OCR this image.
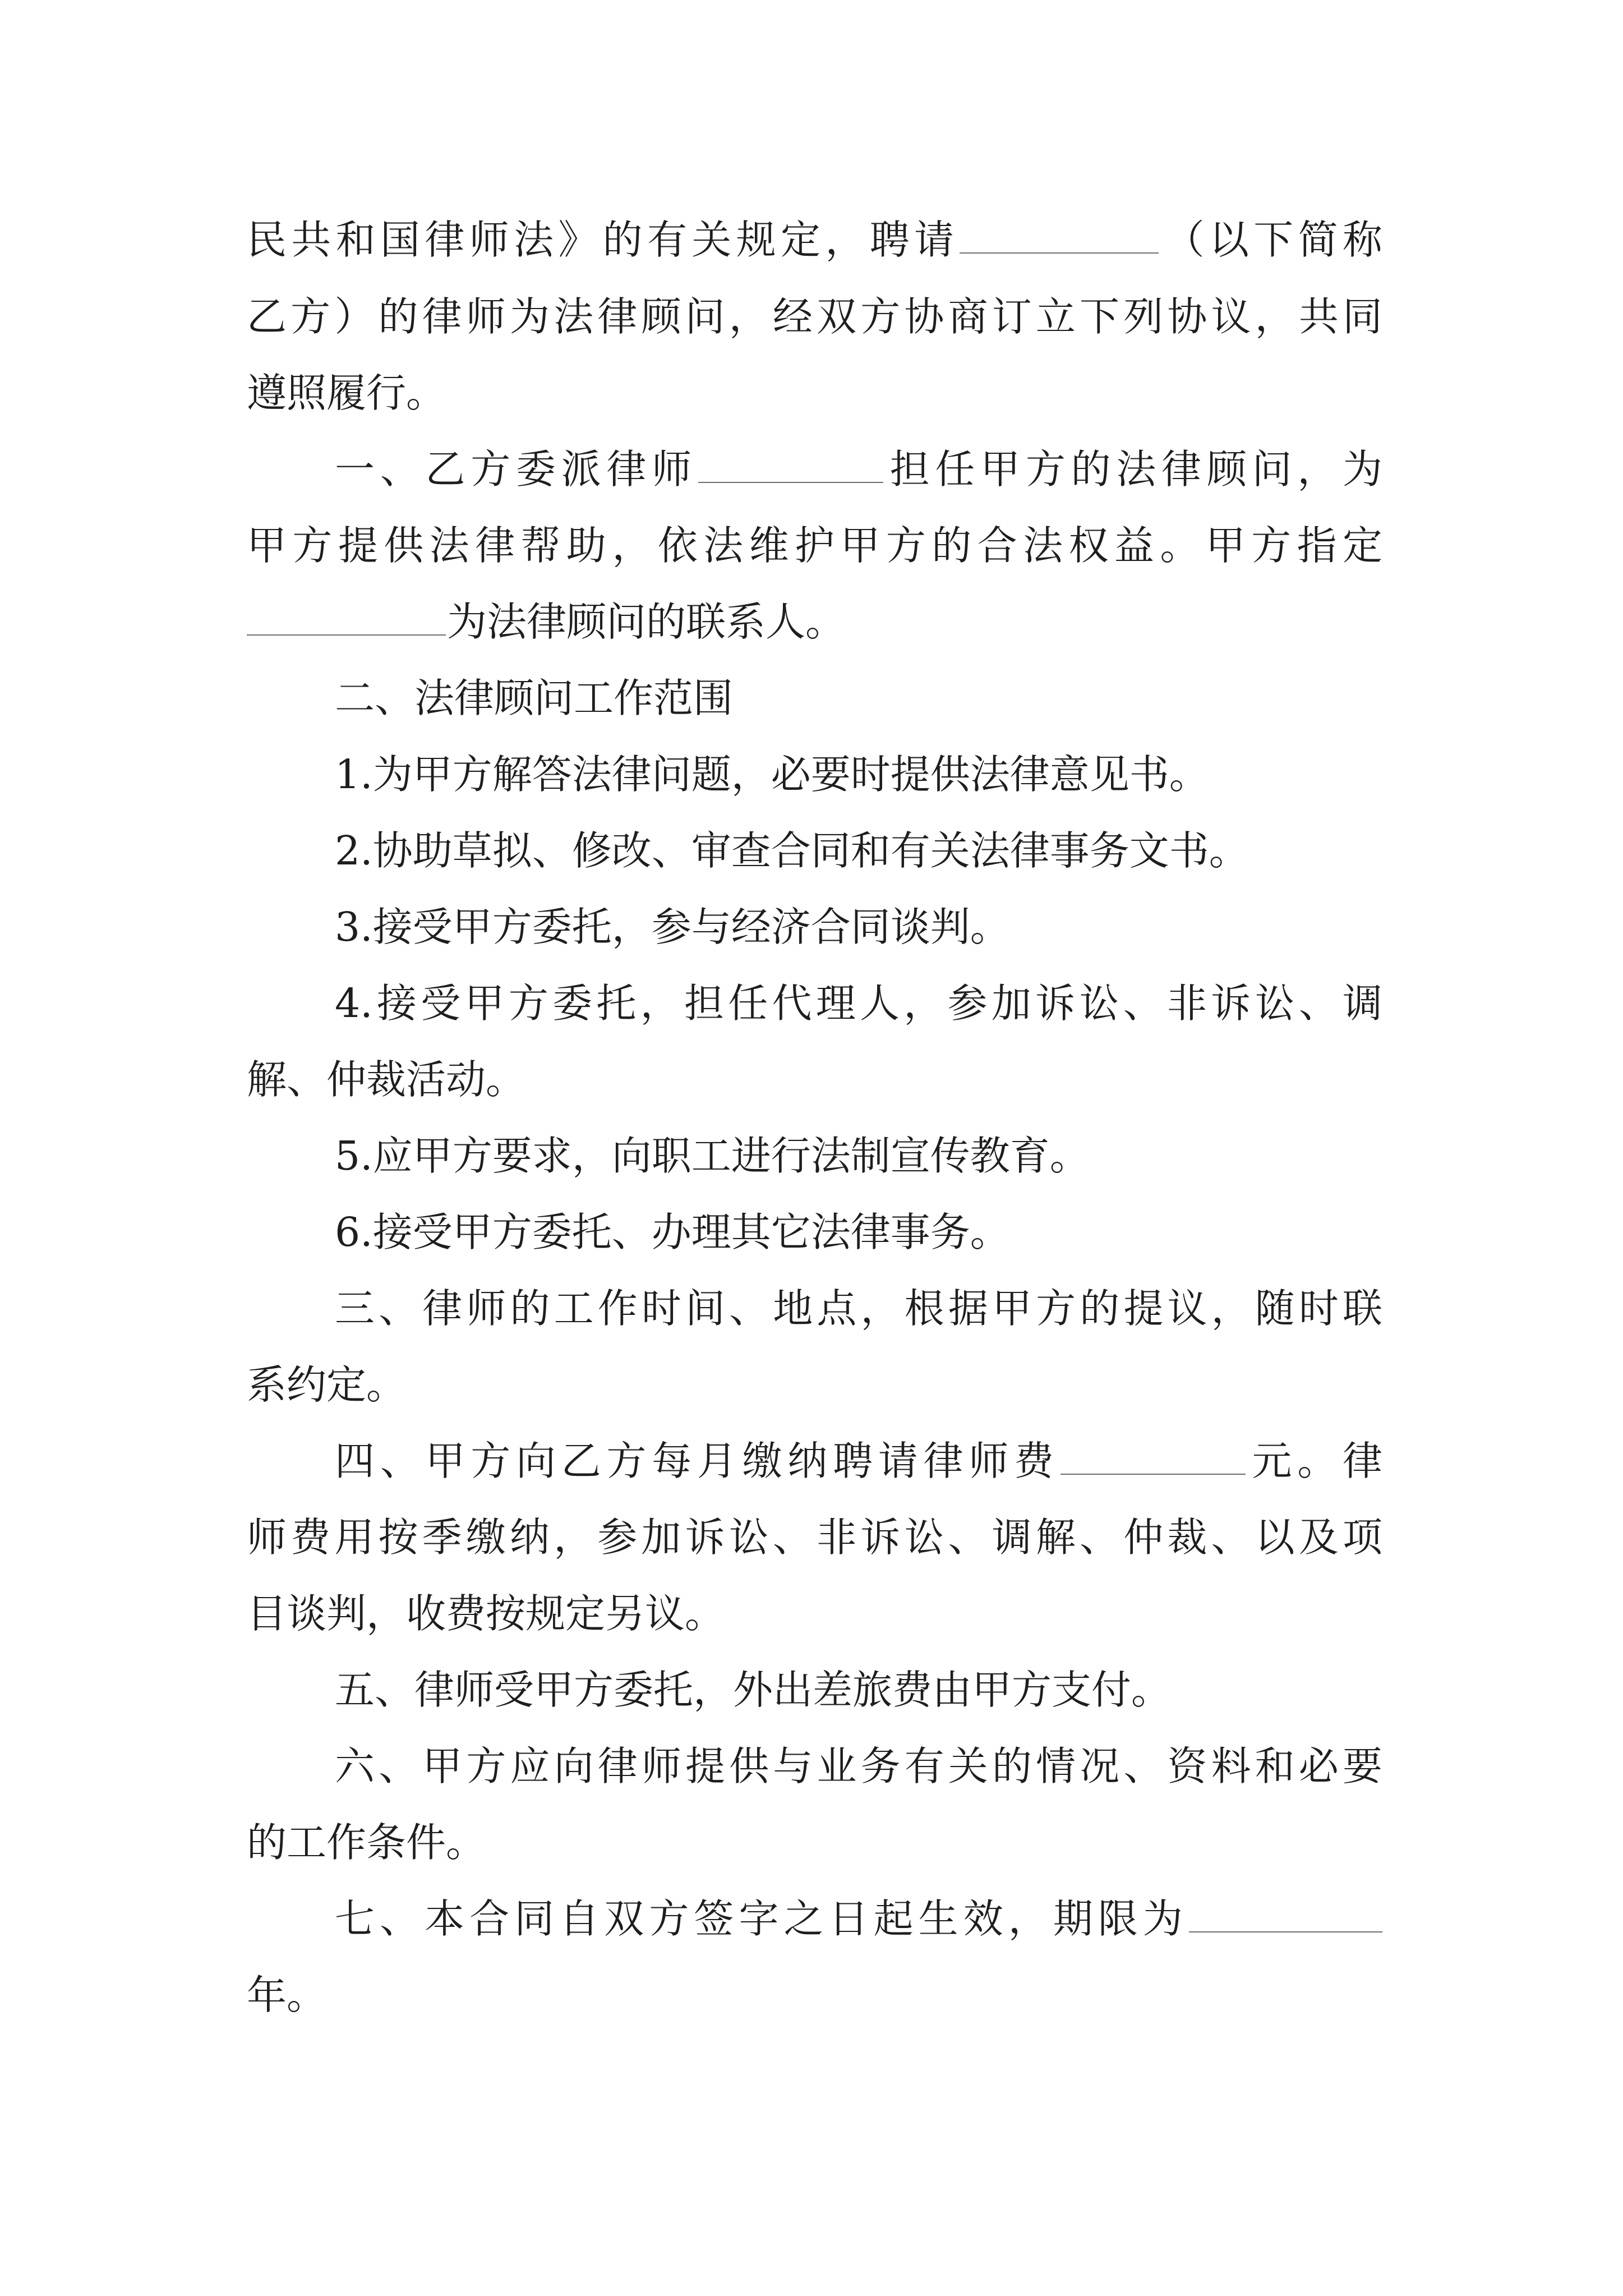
民共和国律师法》的有关规定，聘请	（以下简称
乙方）的律师为法律顾问，经双方协商订立下列协议，共同
遵照履行。
一、乙方委派律师	担任甲方的法律顾问，为
甲方提供法律帮助，依法维护甲方的合法权益。甲方指定
为法律顾问的联系人。
二、法律顾问工作范围
1.为甲方解答法律问题，必要时提供法律意见书。
2.协助草拟、修改、审查合同和有关法律事务文书。
3.接受甲方委托，参与经济合同谈判。
4.接受甲方委托，担任代理人，参加诉讼、非诉讼、调
解、仲裁活动。
5.应甲方要求，向职工进行法制宣传教育。
6.接受甲方委托、办理其它法律事务。
三、律师的工作时间、地点，根据甲方的提议，随时联
系约定。
四、甲方向乙方每月缴纳聘请律师费	元。律
师费用按季缴纳，参加诉讼、非诉讼、调解、仲裁、以及项
目谈判，收费按规定另议。
五、律师受甲方委托，外出差旅费由甲方支付。
六、甲方应向律师提供与业务有关的情况、资料和必要
的工作条件。
七、本合同自双方签字之日起生效，期限为
年。
